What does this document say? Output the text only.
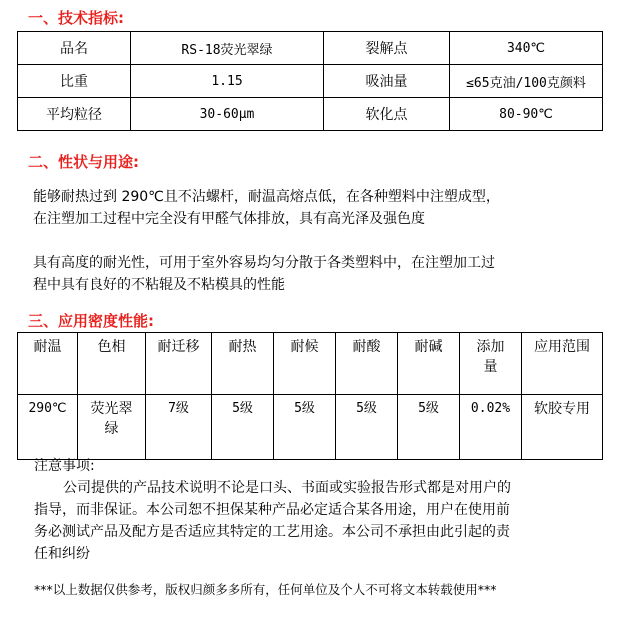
一、技术指标:
品名	RS-18荧光翠绿	裂解点	340℃
比重	1.15	吸油量	≤65克油/100克颜料
平均粒径	30-60μm	软化点	80-90℃
二、性状与用途:
能够耐热过到 290℃且不沾螺杆，耐温高熔点低，在各种塑料中注塑成型，
在注塑加工过程中完全没有甲醛气体排放，具有高光泽及强色度
具有高度的耐光性，可用于室外容易均匀分散于各类塑料中，在注塑加工过
程中具有良好的不粘辊及不粘模具的性能
三、应用密度性能:
耐温	色相	耐迁移	耐热	耐候	耐酸	耐碱	添加量	应用范围
290℃	荧光翠绿	7级	5级	5级	5级	5级	0.02%	软胶专用
注意事项:
公司提供的产品技术说明不论是口头、书面或实验报告形式都是对用户的
指导，而非保证。本公司恕不担保某种产品必定适合某各用途，用户在使用前
务必测试产品及配方是否适应其特定的工艺用途。本公司不承担由此引起的责
任和纠纷
***以上数据仅供参考，版权归颜多多所有，任何单位及个人不可将文本转载使用***
